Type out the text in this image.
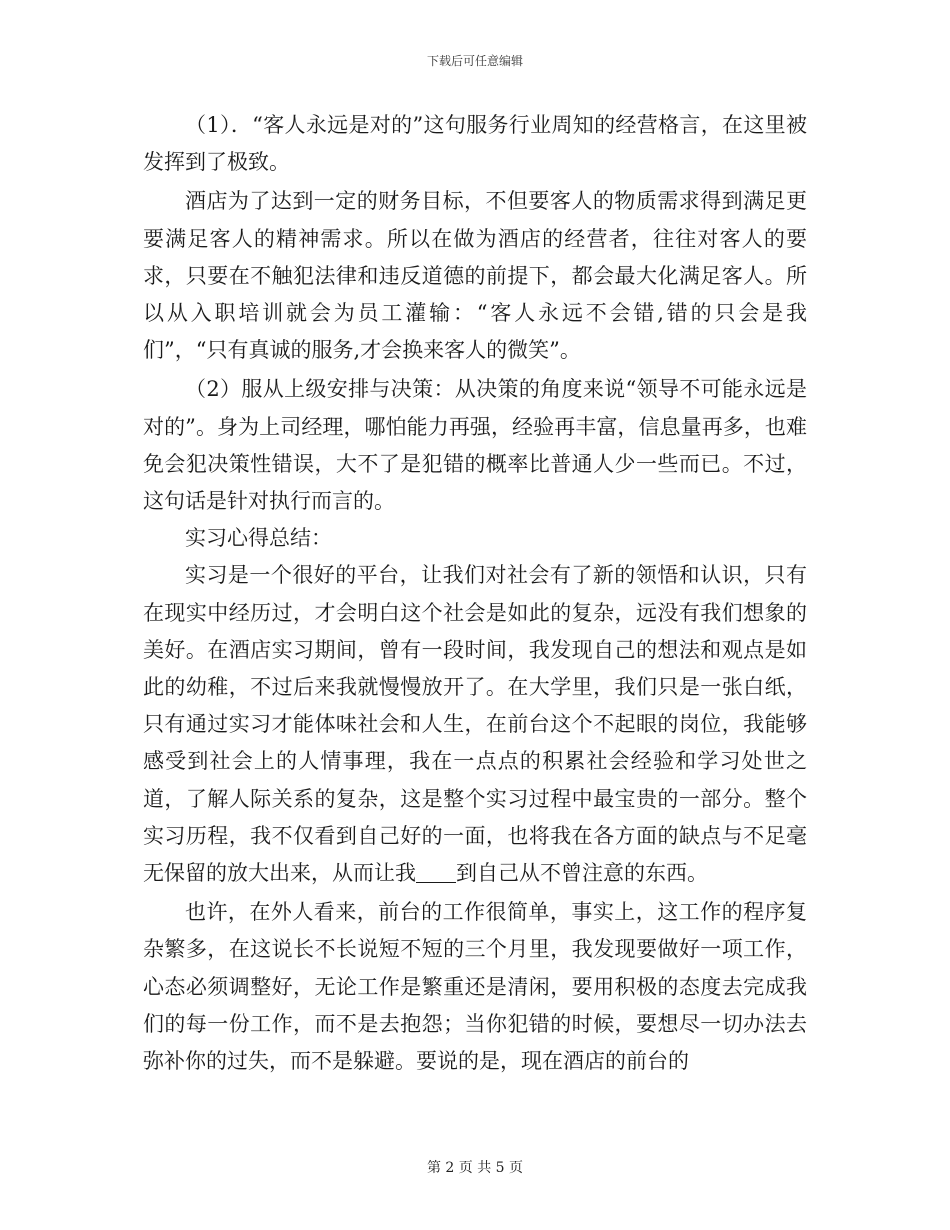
下载后可任意编辑

（1）．“客人永远是对的”这句服务行业周知的经营格言，在这里被发挥到了极致。

酒店为了达到一定的财务目标，不但要客人的物质需求得到满足更要满足客人的精神需求。所以在做为酒店的经营者，往往对客人的要求，只要在不触犯法律和违反道德的前提下，都会最大化满足客人。所以从入职培训就会为员工灌输：“客人永远不会错,错的只会是我们”，“只有真诚的服务,才会换来客人的微笑”。

（2）服从上级安排与决策：从决策的角度来说“领导不可能永远是对的”。身为上司经理，哪怕能力再强，经验再丰富，信息量再多，也难免会犯决策性错误，大不了是犯错的概率比普通人少一些而已。不过，这句话是针对执行而言的。

实习心得总结：

实习是一个很好的平台，让我们对社会有了新的领悟和认识，只有在现实中经历过，才会明白这个社会是如此的复杂，远没有我们想象的美好。在酒店实习期间，曾有一段时间，我发现自己的想法和观点是如此的幼稚，不过后来我就慢慢放开了。在大学里，我们只是一张白纸，只有通过实习才能体味社会和人生，在前台这个不起眼的岗位，我能够感受到社会上的人情事理，我在一点点的积累社会经验和学习处世之道，了解人际关系的复杂，这是整个实习过程中最宝贵的一部分。整个实习历程，我不仅看到自己好的一面，也将我在各方面的缺点与不足毫无保留的放大出来，从而让我 到自己从不曾注意的东西。

也许，在外人看来，前台的工作很简单，事实上，这工作的程序复杂繁多，在这说长不长说短不短的三个月里，我发现要做好一项工作，心态必须调整好，无论工作是繁重还是清闲，要用积极的态度去完成我们的每一份工作，而不是去抱怨；当你犯错的时候，要想尽一切办法去弥补你的过失，而不是躲避。要说的是，现在酒店的前台的

第 2 页 共 5 页
